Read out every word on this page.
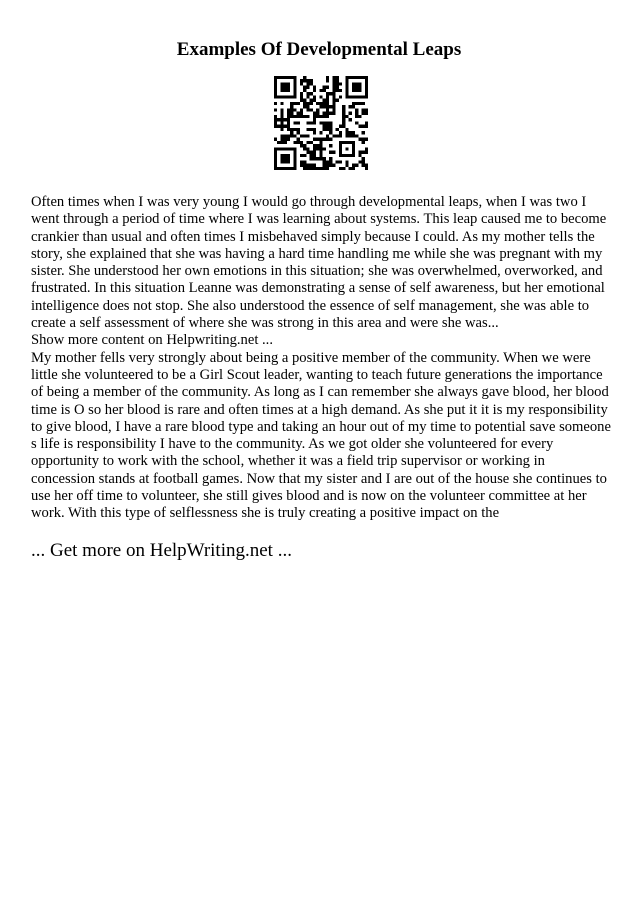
Examples Of Developmental Leaps

Often times when I was very young I would go through developmental leaps, when I was two I went through a period of time where I was learning about systems. This leap caused me to become crankier than usual and often times I misbehaved simply because I could. As my mother tells the story, she explained that she was having a hard time handling me while she was pregnant with my sister. She understood her own emotions in this situation; she was overwhelmed, overworked, and frustrated. In this situation Leanne was demonstrating a sense of self awareness, but her emotional intelligence does not stop. She also understood the essence of self management, she was able to create a self assessment of where she was strong in this area and were she was...

Show more content on Helpwriting.net ...

My mother fells very strongly about being a positive member of the community. When we were little she volunteered to be a Girl Scout leader, wanting to teach future generations the importance of being a member of the community. As long as I can remember she always gave blood, her blood time is O so her blood is rare and often times at a high demand. As she put it it is my responsibility to give blood, I have a rare blood type and taking an hour out of my time to potential save someone s life is responsibility I have to the community. As we got older she volunteered for every opportunity to work with the school, whether it was a field trip supervisor or working in concession stands at football games. Now that my sister and I are out of the house she continues to use her off time to volunteer, she still gives blood and is now on the volunteer committee at her work. With this type of selflessness she is truly creating a positive impact on the

... Get more on HelpWriting.net ...
